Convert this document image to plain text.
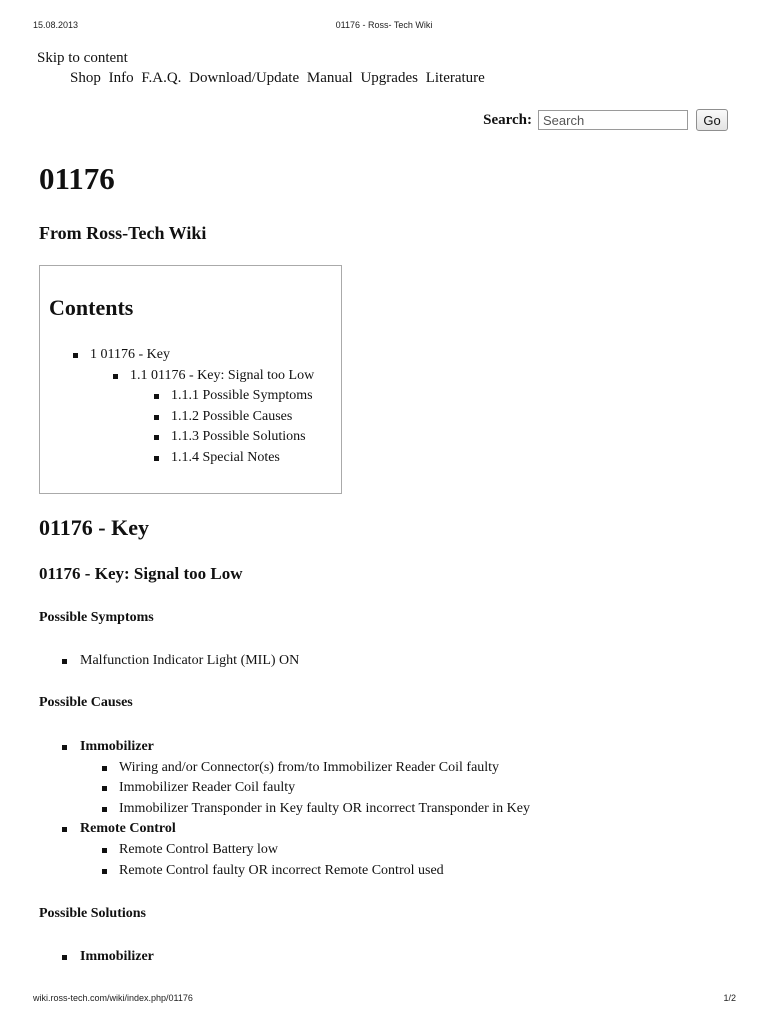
15.08.2013	01176 - Ross- Tech Wiki
Skip to content
Shop Info F.A.Q. Download/Update Manual Upgrades Literature
Search:
Search	Go
01176
From Ross-Tech Wiki
Contents
1 01176 - Key
1.1 01176 - Key: Signal too Low
1.1.1 Possible Symptoms
1.1.2 Possible Causes
1.1.3 Possible Solutions
1.1.4 Special Notes
01176 - Key
01176 - Key: Signal too Low
Possible Symptoms
Malfunction Indicator Light (MIL) ON
Possible Causes
Immobilizer
Wiring and/or Connector(s) from/to Immobilizer Reader Coil faulty
Immobilizer Reader Coil faulty
Immobilizer Transponder in Key faulty OR incorrect Transponder in Key
Remote Control
Remote Control Battery low
Remote Control faulty OR incorrect Remote Control used
Possible Solutions
Immobilizer
wiki.ross-tech.com/wiki/index.php/01176	1/2
